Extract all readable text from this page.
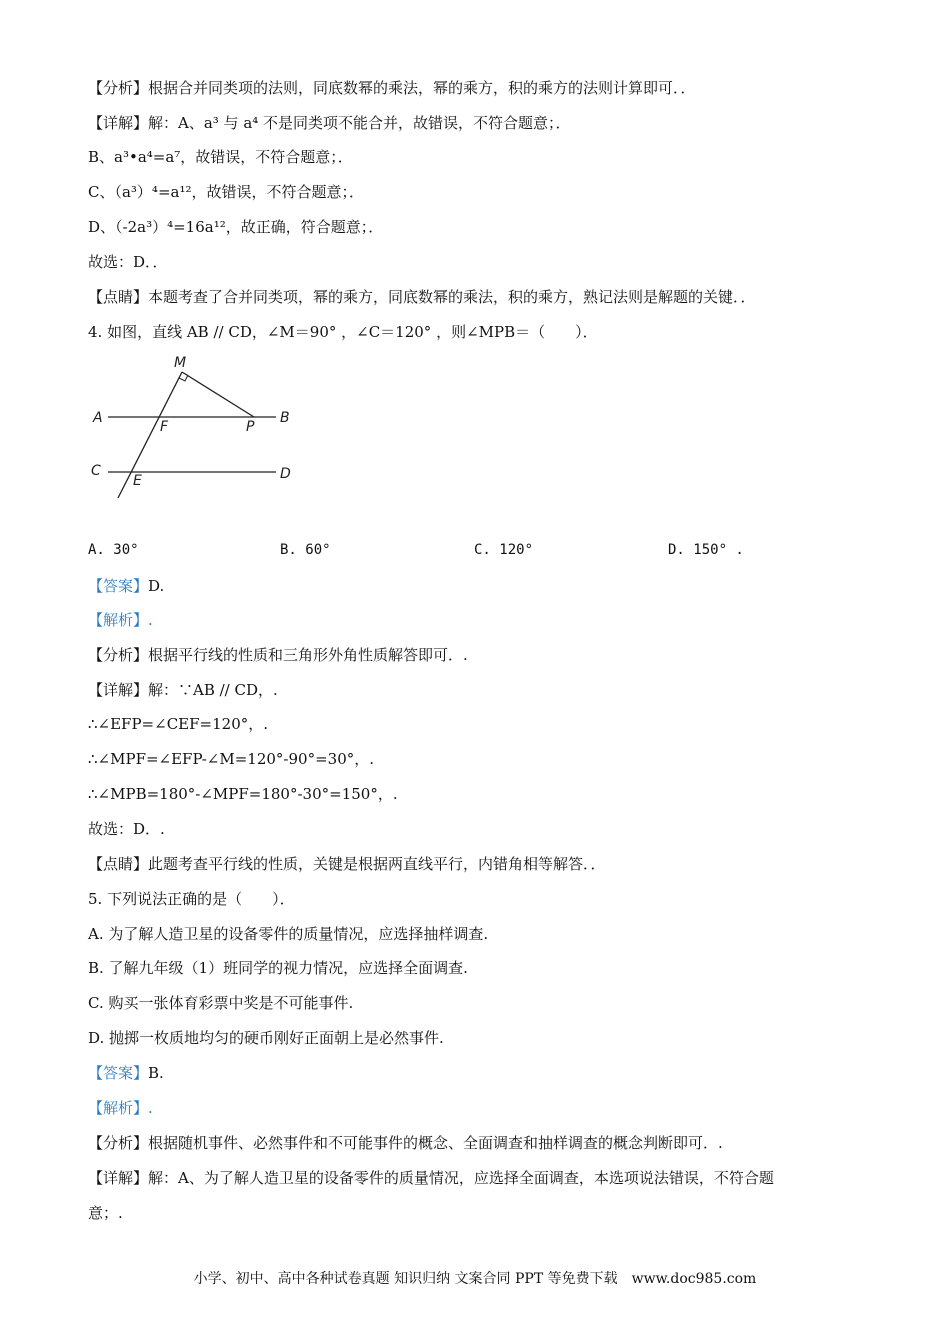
【分析】根据合并同类项的法则，同底数幂的乘法，幂的乘方，积的乘方的法则计算即可．．
【详解】解：A、a³ 与 a⁴ 不是同类项不能合并，故错误，不符合题意；．
B、a³•a⁴=a⁷，故错误，不符合题意；．
C、（a³）⁴=a¹²，故错误，不符合题意；．
D、（-2a³）⁴=16a¹²，故正确，符合题意；．
故选：D．．
【点睛】本题考查了合并同类项，幂的乘方，同底数幂的乘法，积的乘方，熟记法则是解题的关键．．
4. 如图，直线 AB // CD，∠M＝90° ，∠C＝120° ，则∠MPB＝（　　）．
M
A
F	P
B
C
E	D
A. 30°	B. 60°	C. 120°	D. 150° .
【答案】D.
【解析】.
【分析】根据平行线的性质和三角形外角性质解答即可．.
【详解】解：∵AB // CD，.
∴∠EFP=∠CEF=120°，.
∴∠MPF=∠EFP-∠M=120°-90°=30°，.
∴∠MPB=180°-∠MPF=180°-30°=150°，.
故选：D．.
【点睛】此题考查平行线的性质，关键是根据两直线平行，内错角相等解答．．
5. 下列说法正确的是（　　）．
A. 为了解人造卫星的设备零件的质量情况，应选择抽样调查.
B. 了解九年级（1）班同学的视力情况，应选择全面调查.
C. 购买一张体育彩票中奖是不可能事件.
D. 抛掷一枚质地均匀的硬币刚好正面朝上是必然事件.
【答案】B.
【解析】.
【分析】根据随机事件、必然事件和不可能事件的概念、全面调查和抽样调查的概念判断即可．.
【详解】解：A、为了解人造卫星的设备零件的质量情况，应选择全面调查，本选项说法错误，不符合题
意；.
小学、初中、高中各种试卷真题 知识归纳 文案合同 PPT 等免费下载　www.doc985.com
